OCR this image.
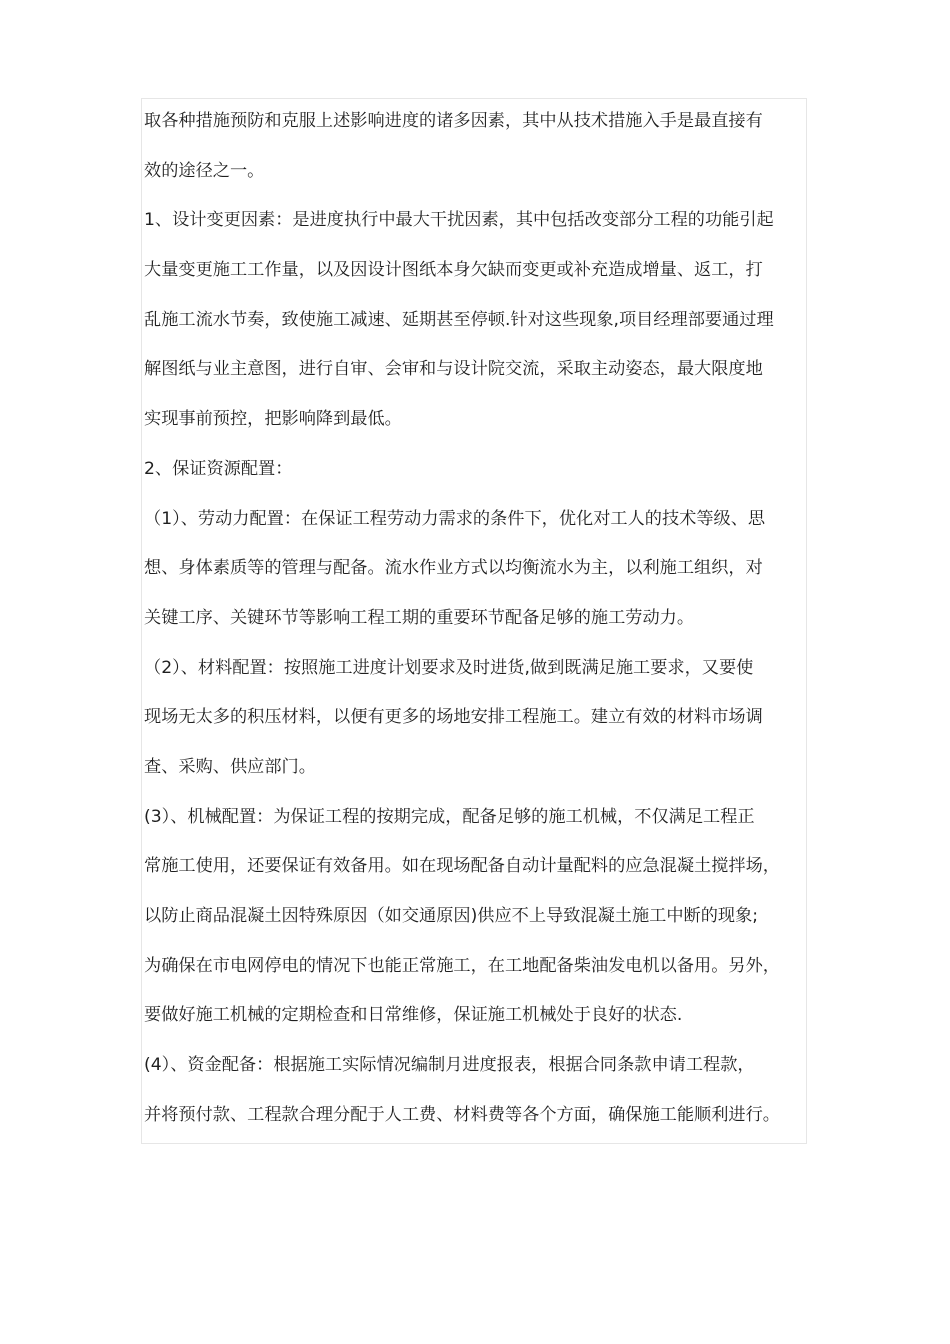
取各种措施预防和克服上述影响进度的诸多因素，其中从技术措施入手是最直接有
效的途径之一。
1、设计变更因素：是进度执行中最大干扰因素，其中包括改变部分工程的功能引起
大量变更施工工作量，以及因设计图纸本身欠缺而变更或补充造成增量、返工，打
乱施工流水节奏，致使施工减速、延期甚至停顿.针对这些现象,项目经理部要通过理
解图纸与业主意图，进行自审、会审和与设计院交流，采取主动姿态，最大限度地
实现事前预控，把影响降到最低。
2、保证资源配置：
（1）、劳动力配置：在保证工程劳动力需求的条件下，优化对工人的技术等级、思
想、身体素质等的管理与配备。流水作业方式以均衡流水为主，以利施工组织，对
关键工序、关键环节等影响工程工期的重要环节配备足够的施工劳动力。
（2）、材料配置：按照施工进度计划要求及时进货,做到既满足施工要求，又要使
现场无太多的积压材料，以便有更多的场地安排工程施工。建立有效的材料市场调
查、采购、供应部门。
(3）、机械配置：为保证工程的按期完成，配备足够的施工机械，不仅满足工程正
常施工使用，还要保证有效备用。如在现场配备自动计量配料的应急混凝土搅拌场，
以防止商品混凝土因特殊原因（如交通原因)供应不上导致混凝土施工中断的现象;
为确保在市电网停电的情况下也能正常施工，在工地配备柴油发电机以备用。另外，
要做好施工机械的定期检查和日常维修，保证施工机械处于良好的状态.
(4）、资金配备：根据施工实际情况编制月进度报表，根据合同条款申请工程款，
并将预付款、工程款合理分配于人工费、材料费等各个方面，确保施工能顺利进行。
